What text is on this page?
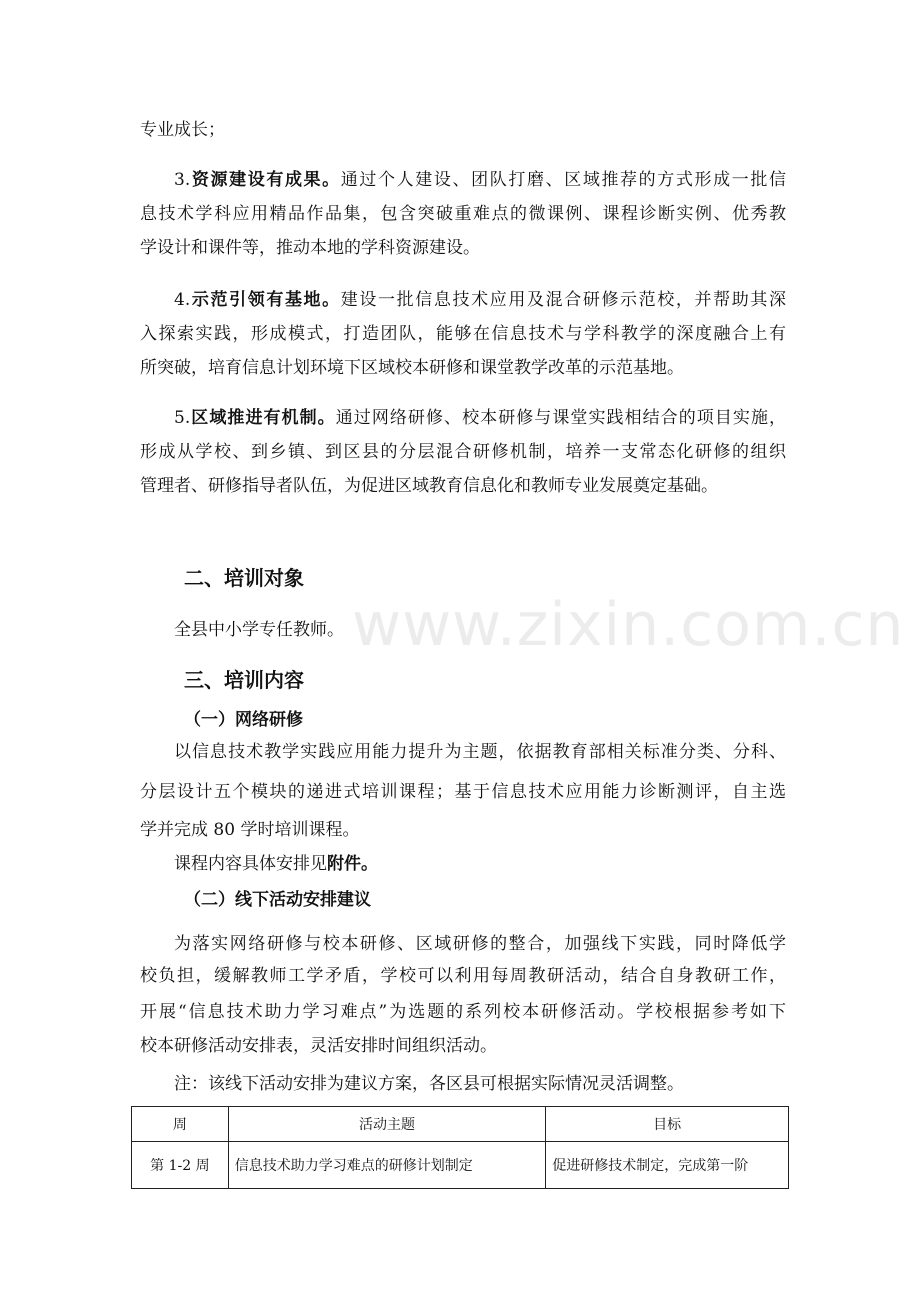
www.zixin.com.cn
专业成长；
3.资源建设有成果。通过个人建设、团队打磨、区域推荐的方式形成一批信
息技术学科应用精品作品集，包含突破重难点的微课例、课程诊断实例、优秀教
学设计和课件等，推动本地的学科资源建设。
4.示范引领有基地。建设一批信息技术应用及混合研修示范校，并帮助其深
入探索实践，形成模式，打造团队，能够在信息技术与学科教学的深度融合上有
所突破，培育信息计划环境下区域校本研修和课堂教学改革的示范基地。
5.区域推进有机制。通过网络研修、校本研修与课堂实践相结合的项目实施，
形成从学校、到乡镇、到区县的分层混合研修机制，培养一支常态化研修的组织
管理者、研修指导者队伍，为促进区域教育信息化和教师专业发展奠定基础。
二、培训对象
全县中小学专任教师。
三、培训内容
（一）网络研修
以信息技术教学实践应用能力提升为主题，依据教育部相关标准分类、分科、
分层设计五个模块的递进式培训课程；基于信息技术应用能力诊断测评，自主选
学并完成 80 学时培训课程。
课程内容具体安排见附件。
（二）线下活动安排建议
为落实网络研修与校本研修、区域研修的整合，加强线下实践，同时降低学
校负担，缓解教师工学矛盾，学校可以利用每周教研活动，结合自身教研工作，
开展“信息技术助力学习难点”为选题的系列校本研修活动。学校根据参考如下
校本研修活动安排表，灵活安排时间组织活动。
注：该线下活动安排为建议方案，各区县可根据实际情况灵活调整。
周	活动主题	目标
第 1-2 周	信息技术助力学习难点的研修计划制定	促进研修技术制定，完成第一阶
